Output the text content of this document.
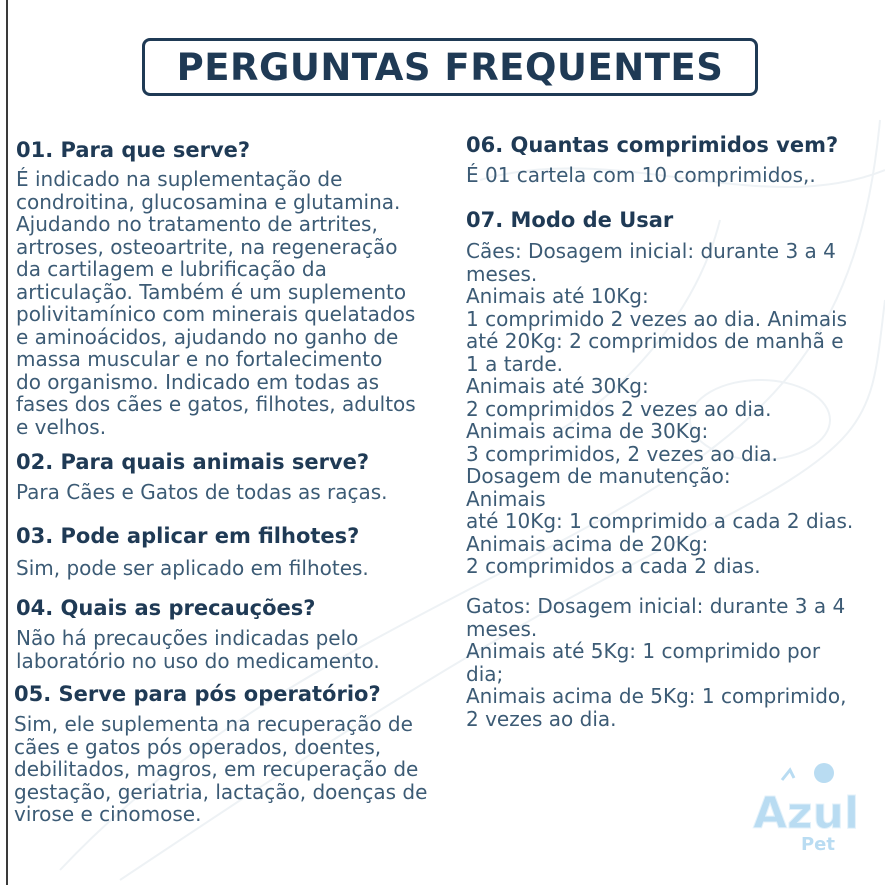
PERGUNTAS FREQUENTES
01. Para que serve?
É indicado na suplementação de
condroitina, glucosamina e glutamina.
Ajudando no tratamento de artrites,
artroses, osteoartrite, na regeneração
da cartilagem e lubrificação da
articulação. Também é um suplemento
polivitamínico com minerais quelatados
e aminoácidos, ajudando no ganho de
massa muscular e no fortalecimento
do organismo. Indicado em todas as
fases dos cães e gatos, filhotes, adultos
e velhos.
02. Para quais animais serve?
Para Cães e Gatos de todas as raças.
03. Pode aplicar em filhotes?
Sim, pode ser aplicado em filhotes.
04. Quais as precauções?
Não há precauções indicadas pelo
laboratório no uso do medicamento.
05. Serve para pós operatório?
Sim, ele suplementa na recuperação de
cães e gatos pós operados, doentes,
debilitados, magros, em recuperação de
gestação, geriatria, lactação, doenças de
virose e cinomose.
06. Quantas comprimidos vem?
É 01 cartela com 10 comprimidos,.
07. Modo de Usar
Cães: Dosagem inicial: durante 3 a 4
meses.
Animais até 10Kg:
1 comprimido 2 vezes ao dia. Animais
até 20Kg: 2 comprimidos de manhã e
1 a tarde.
Animais até 30Kg:
2 comprimidos 2 vezes ao dia.
Animais acima de 30Kg:
3 comprimidos, 2 vezes ao dia.
Dosagem de manutenção:
Animais
até 10Kg: 1 comprimido a cada 2 dias.
Animais acima de 20Kg:
2 comprimidos a cada 2 dias.
Gatos: Dosagem inicial: durante 3 a 4
meses.
Animais até 5Kg: 1 comprimido por
dia;
Animais acima de 5Kg: 1 comprimido,
2 vezes ao dia.
Azul
Pet
